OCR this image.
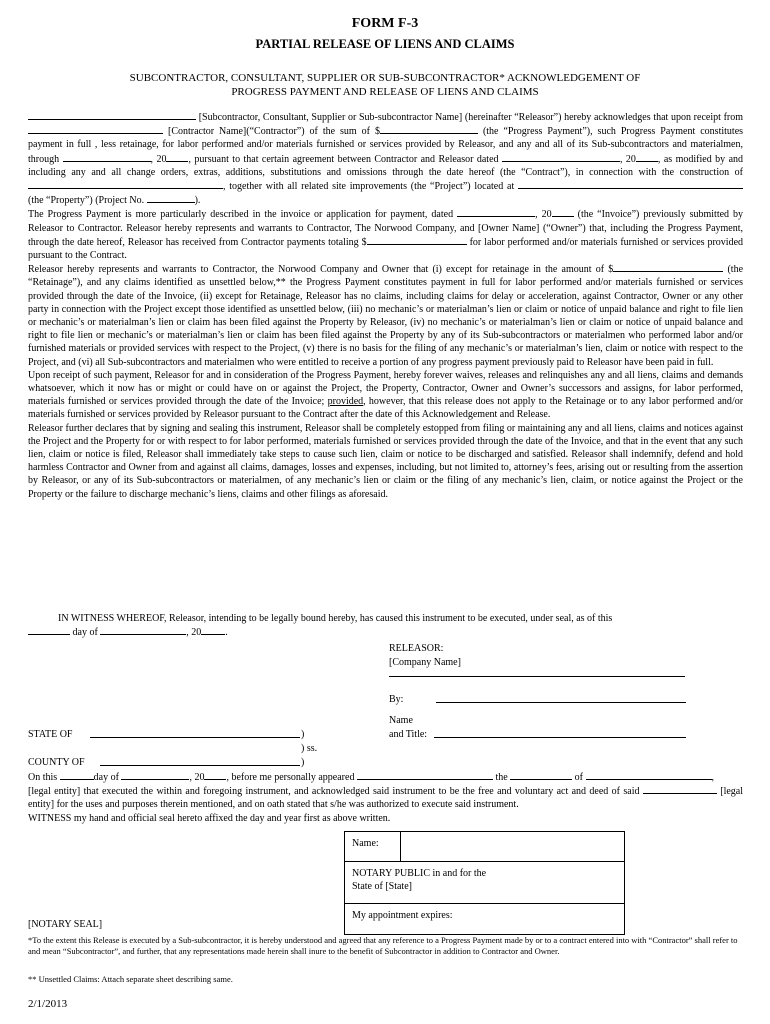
FORM F-3
PARTIAL RELEASE OF LIENS AND CLAIMS
SUBCONTRACTOR, CONSULTANT, SUPPLIER OR SUB-SUBCONTRACTOR* ACKNOWLEDGEMENT OF
PROGRESS PAYMENT AND RELEASE OF LIENS AND CLAIMS

[Subcontractor, Consultant, Supplier or Sub-subcontractor Name] (hereinafter “Releasor”) hereby acknowledges that upon receipt from  [Contractor Name](“Contractor”) of the sum of $	(the “Progress Payment”), such Progress Payment constitutes payment in full , less retainage, for labor performed and/or materials furnished or services provided by Releasor, and any and all of its Sub-subcontractors and materialmen, through	, 20 , pursuant to that certain agreement between Contractor and Releasor dated	, 20 , as modified by and including any and all change orders, extras, additions, substitutions and omissions through the date hereof (the “Contract”), in connection with the construction of , together with all related site improvements (the “Project”) located at  (the “Property”) (Project No.	).

The Progress Payment is more particularly described in the invoice or application for payment, dated	, 20	(the “Invoice”) previously submitted by Releasor to Contractor. Releasor hereby represents and warrants to Contractor, The Norwood Company, and [Owner Name] (“Owner”) that, including the Progress Payment, through the date hereof, Releasor has received from Contractor payments totaling $	for labor performed and/or materials furnished or services provided pursuant to the Contract.

Releasor hereby represents and warrants to Contractor, the Norwood Company and Owner that (i) except for retainage in the amount of $	(the “Retainage”), and any claims identified as unsettled below,** the Progress Payment constitutes payment in full for labor performed and/or materials furnished or services provided through the date of the Invoice, (ii) except for Retainage, Releasor has no claims, including claims for delay or acceleration, against Contractor, Owner or any other party in connection with the Project except those identified as unsettled below, (iii) no mechanic’s or materialman’s lien or claim or notice of unpaid balance and right to file lien or mechanic’s or materialman’s lien or claim has been filed against the Property by Releasor, (iv) no mechanic’s or materialman’s lien or claim or notice of unpaid balance and right to file lien or mechanic’s or materialman’s lien or claim has been filed against the Property by any of its Sub-subcontractors or materialmen who performed labor and/or furnished materials or provided services with respect to the Project, (v) there is no basis for the filing of any mechanic’s or materialman’s lien, claim or notice with respect to the Project, and (vi) all Sub-subcontractors and materialmen who were entitled to receive a portion of any progress payment previously paid to Releasor have been paid in full.

Upon receipt of such payment, Releasor for and in consideration of the Progress Payment, hereby forever waives, releases and relinquishes any and all liens, claims and demands whatsoever, which it now has or might or could have on or against the Project, the Property, Contractor, Owner and Owner’s successors and assigns, for labor performed, materials furnished or services provided through the date of the Invoice; provided, however, that this release does not apply to the Retainage or to any labor performed and/or materials furnished or services provided by Releasor pursuant to the Contract after the date of this Acknowledgement and Release.

Releasor further declares that by signing and sealing this instrument, Releasor shall be completely estopped from filing or maintaining any and all liens, claims and notices against the Project and the Property for or with respect to for labor performed, materials furnished or services provided through the date of the Invoice, and that in the event that any such lien, claim or notice is filed, Releasor shall immediately take steps to cause such lien, claim or notice to be discharged and satisfied. Releasor shall indemnify, defend and hold harmless Contractor and Owner from and against all claims, damages, losses and expenses, including, but not limited to, attorney’s fees, arising out or resulting from the assertion by Releasor, or any of its Sub-subcontractors or materialmen, of any mechanic’s lien or claim or the filing of any mechanic’s lien, claim, or notice against the Project or the Property or the failure to discharge mechanic’s liens, claims and other filings as aforesaid.

IN WITNESS WHEREOF, Releasor, intending to be legally bound hereby, has caused this instrument to be executed, under seal, as of this
day of	, 20 .
RELEASOR:
[Company Name]
By:
Name
and Title:
STATE OF	)
) ss.
COUNTY OF	)
On this	day of	, 20 , before me personally appeared	the	of	,
[legal entity] that executed the within and foregoing instrument, and acknowledged said instrument to be the free and voluntary act and deed of said	[legal entity] for the uses and purposes therein mentioned, and on oath stated that s/he was authorized to execute said instrument.
WITNESS my hand and official seal hereto affixed the day and year first as above written.
Name:
NOTARY PUBLIC in and for the
State of [State]
My appointment expires:
[NOTARY SEAL]
*To the extent this Release is executed by a Sub-subcontractor, it is hereby understood and agreed that any reference to a Progress Payment made by or to a contract entered into with “Contractor” shall refer to and mean “Subcontractor”, and further, that any representations made herein shall inure to the benefit of Subcontractor in addition to Contractor and Owner.
** Unsettled Claims: Attach separate sheet describing same.
2/1/2013
